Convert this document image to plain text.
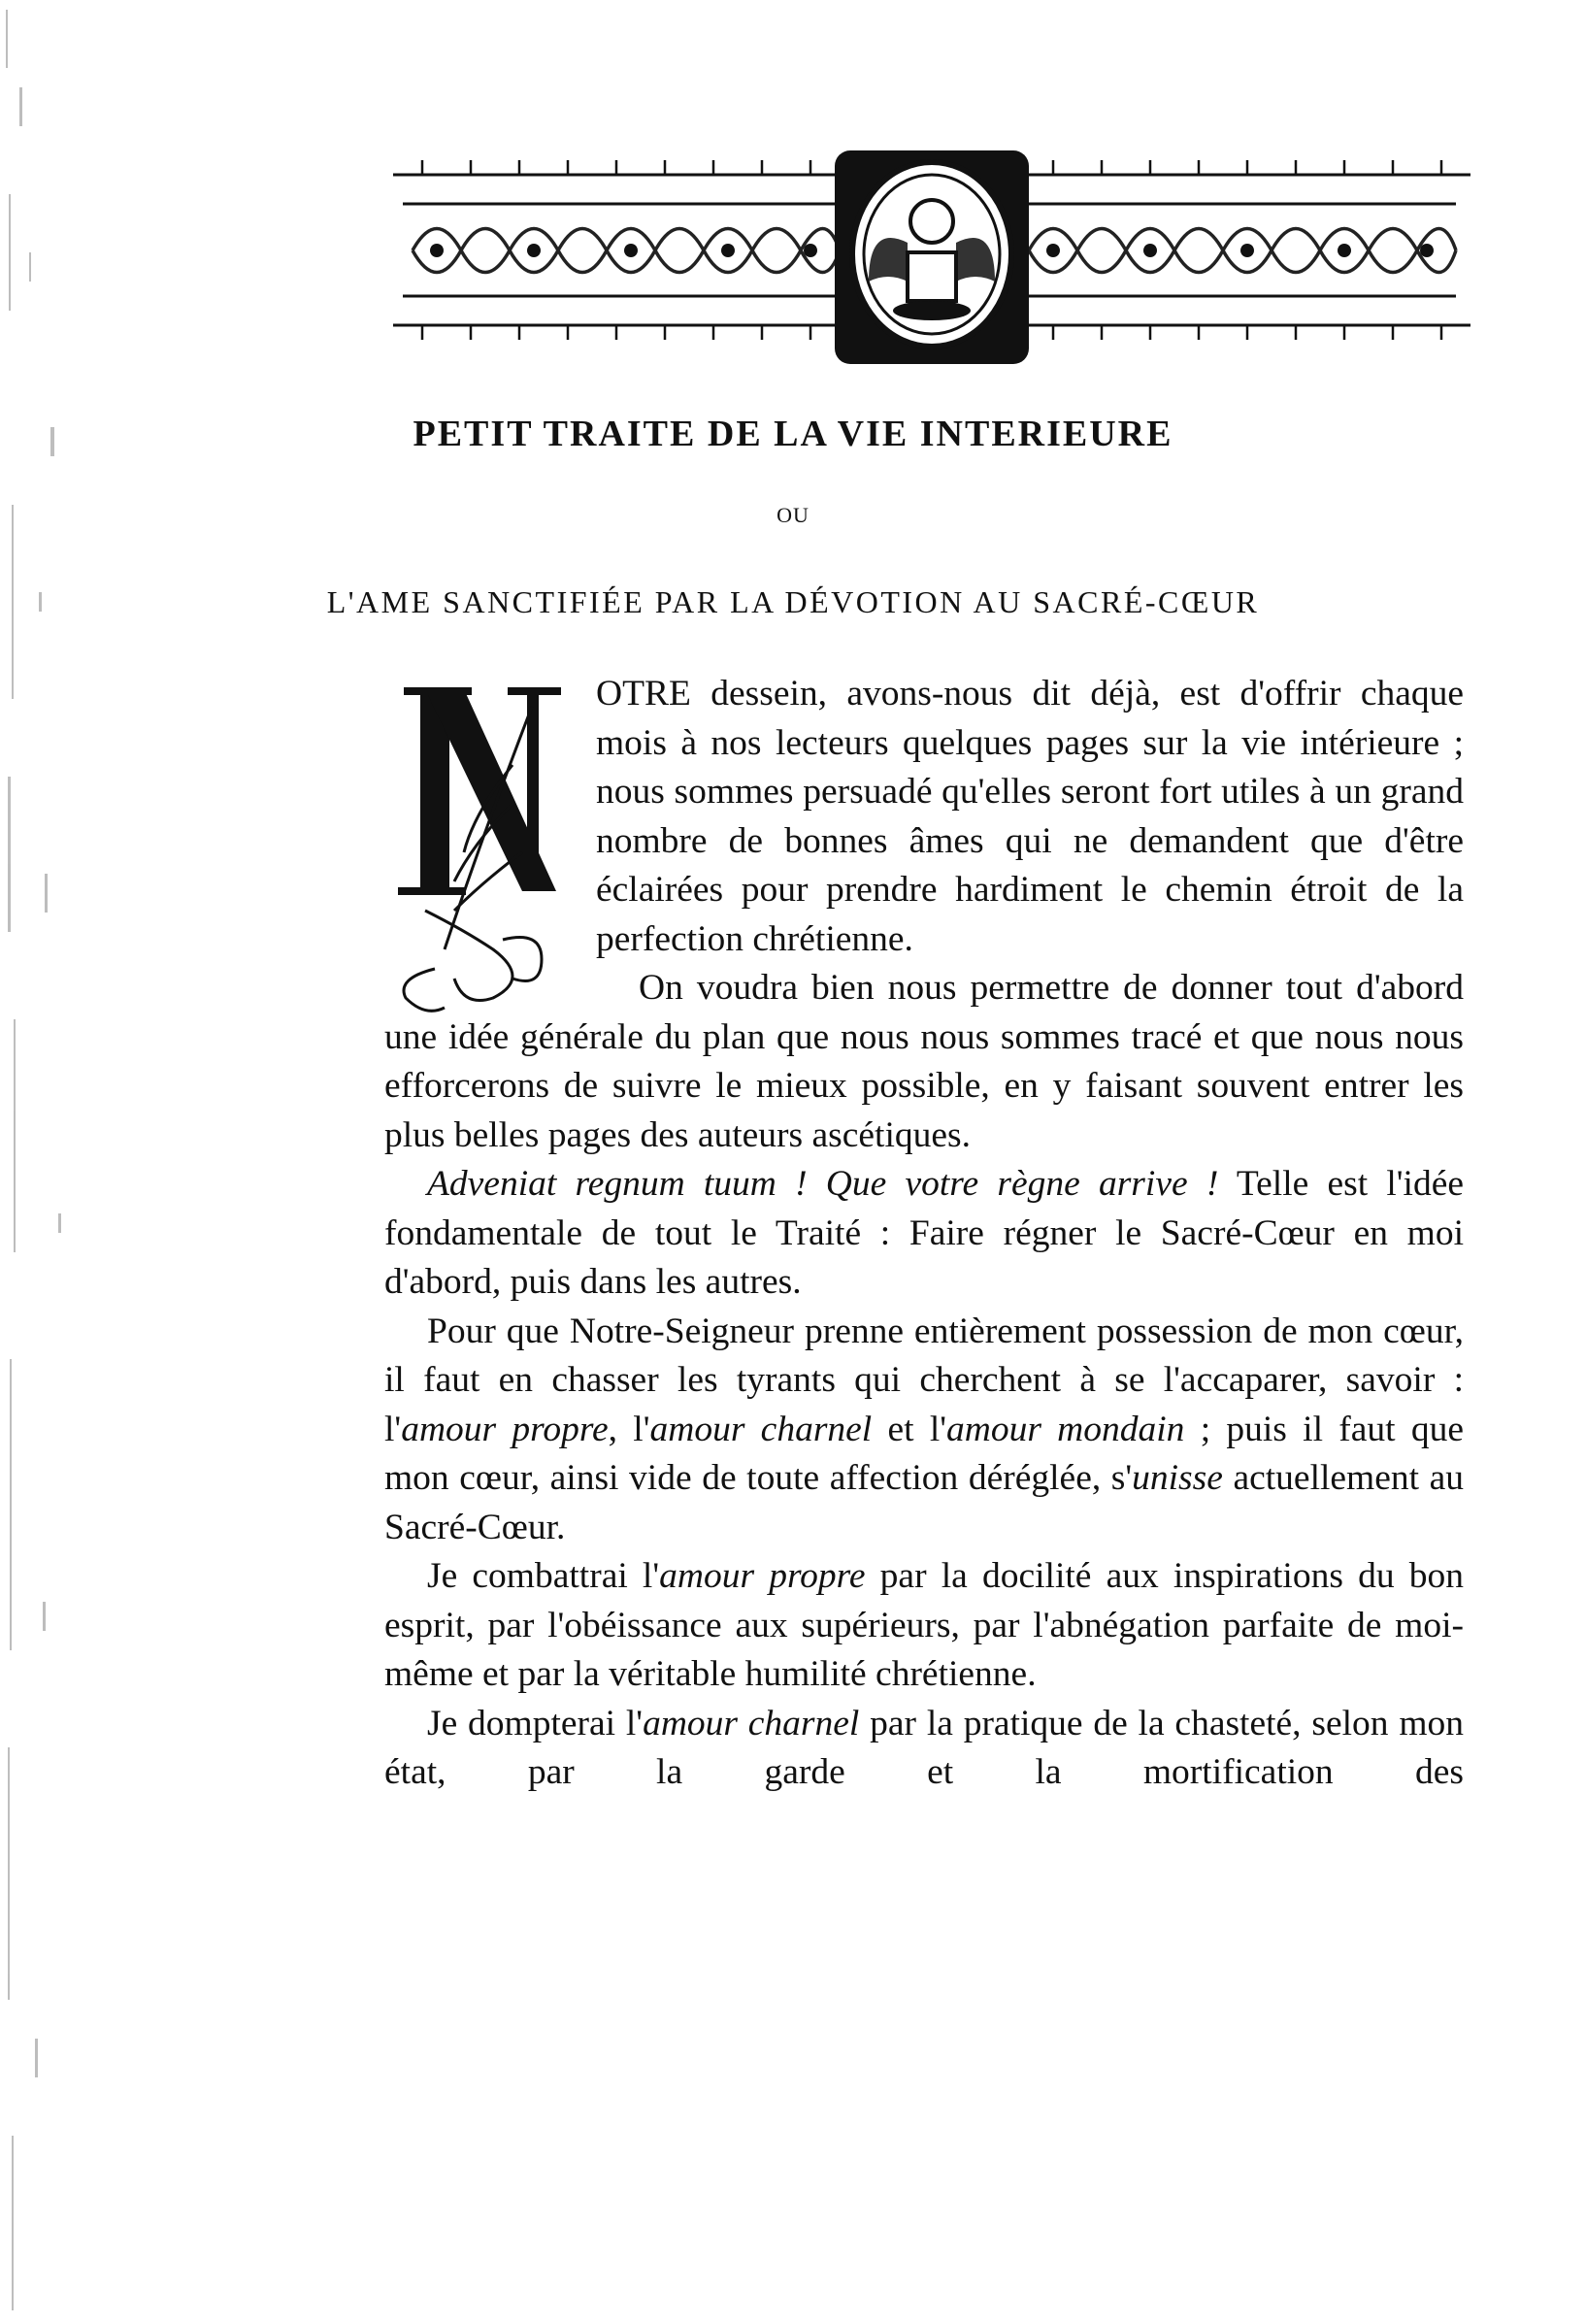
PETIT TRAITE DE LA VIE INTERIEURE
OU
L'AME SANCTIFIÉE PAR LA DÉVOTION AU SACRÉ-CŒUR

OTRE dessein, avons-nous dit déjà, est d'offrir chaque mois à nos lecteurs quelques pages sur la vie intérieure ; nous sommes persuadé qu'elles seront fort utiles à un grand nombre de bonnes âmes qui ne demandent que d'être éclairées pour prendre hardiment le chemin étroit de la perfection chrétienne.

On voudra bien nous permettre de donner tout d'abord une idée générale du plan que nous nous sommes tracé et que nous nous efforcerons de suivre le mieux possible, en y faisant souvent entrer les plus belles pages des auteurs ascétiques.

Adveniat regnum tuum ! Que votre règne arrive ! Telle est l'idée fondamentale de tout le Traité : Faire régner le Sacré-Cœur en moi d'abord, puis dans les autres.

Pour que Notre-Seigneur prenne entièrement possession de mon cœur, il faut en chasser les tyrants qui cherchent à se l'accaparer, savoir : l'amour propre, l'amour charnel et l'amour mondain ; puis il faut que mon cœur, ainsi vide de toute affection déréglée, s'unisse actuellement au Sacré-Cœur.

Je combattrai l'amour propre par la docilité aux inspirations du bon esprit, par l'obéissance aux supérieurs, par l'abnégation parfaite de moi-même et par la véritable humilité chrétienne.

Je dompterai l'amour charnel par la pratique de la chasteté, selon mon état, par la garde et la mortification des
